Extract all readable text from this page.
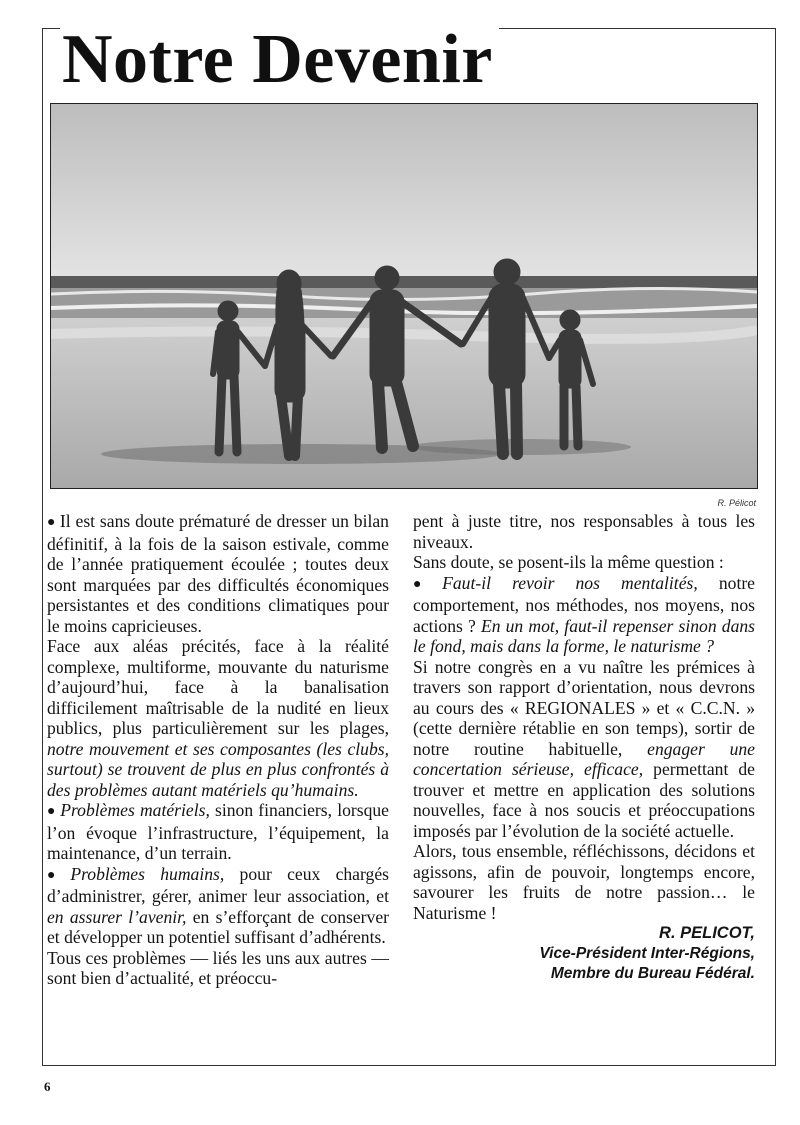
Notre Devenir
R. Pélicot

● Il est sans doute prématuré de dresser un bilan définitif, à la fois de la saison estivale, comme de l’année pratiquement écoulée ; toutes deux sont marquées par des difficultés économiques persistantes et des conditions climatiques pour le moins capricieuses.

Face aux aléas précités, face à la réalité complexe, multiforme, mouvante du naturisme d’aujourd’hui, face à la banalisation difficilement maîtrisable de la nudité en lieux publics, plus particulièrement sur les plages, notre mouvement et ses composantes (les clubs, surtout) se trouvent de plus en plus confrontés à des problèmes autant matériels qu’humains.

● Problèmes matériels, sinon financiers, lorsque l’on évoque l’infrastructure, l’équipement, la maintenance, d’un terrain.

● Problèmes humains, pour ceux chargés d’administrer, gérer, animer leur association, et en assurer l’avenir, en s’efforçant de conserver et développer un potentiel suffisant d’adhérents.

Tous ces problèmes — liés les uns aux autres — sont bien d’actualité, et préoccu-

pent à juste titre, nos responsables à tous les niveaux.

Sans doute, se posent-ils la même question :

● Faut-il revoir nos mentalités, notre comportement, nos méthodes, nos moyens, nos actions ? En un mot, faut-il repenser sinon dans le fond, mais dans la forme, le naturisme ?

Si notre congrès en a vu naître les prémices à travers son rapport d’orientation, nous devrons au cours des « REGIONALES » et « C.C.N. » (cette dernière rétablie en son temps), sortir de notre routine habituelle, engager une concertation sérieuse, efficace, permettant de trouver et mettre en application des solutions nouvelles, face à nos soucis et préoccupations imposés par l’évolution de la société actuelle.

Alors, tous ensemble, réfléchissons, décidons et agissons, afin de pouvoir, longtemps encore, savourer les fruits de notre passion… le Naturisme !

R. PELICOT,
Vice-Président Inter-Régions,
Membre du Bureau Fédéral.
6
